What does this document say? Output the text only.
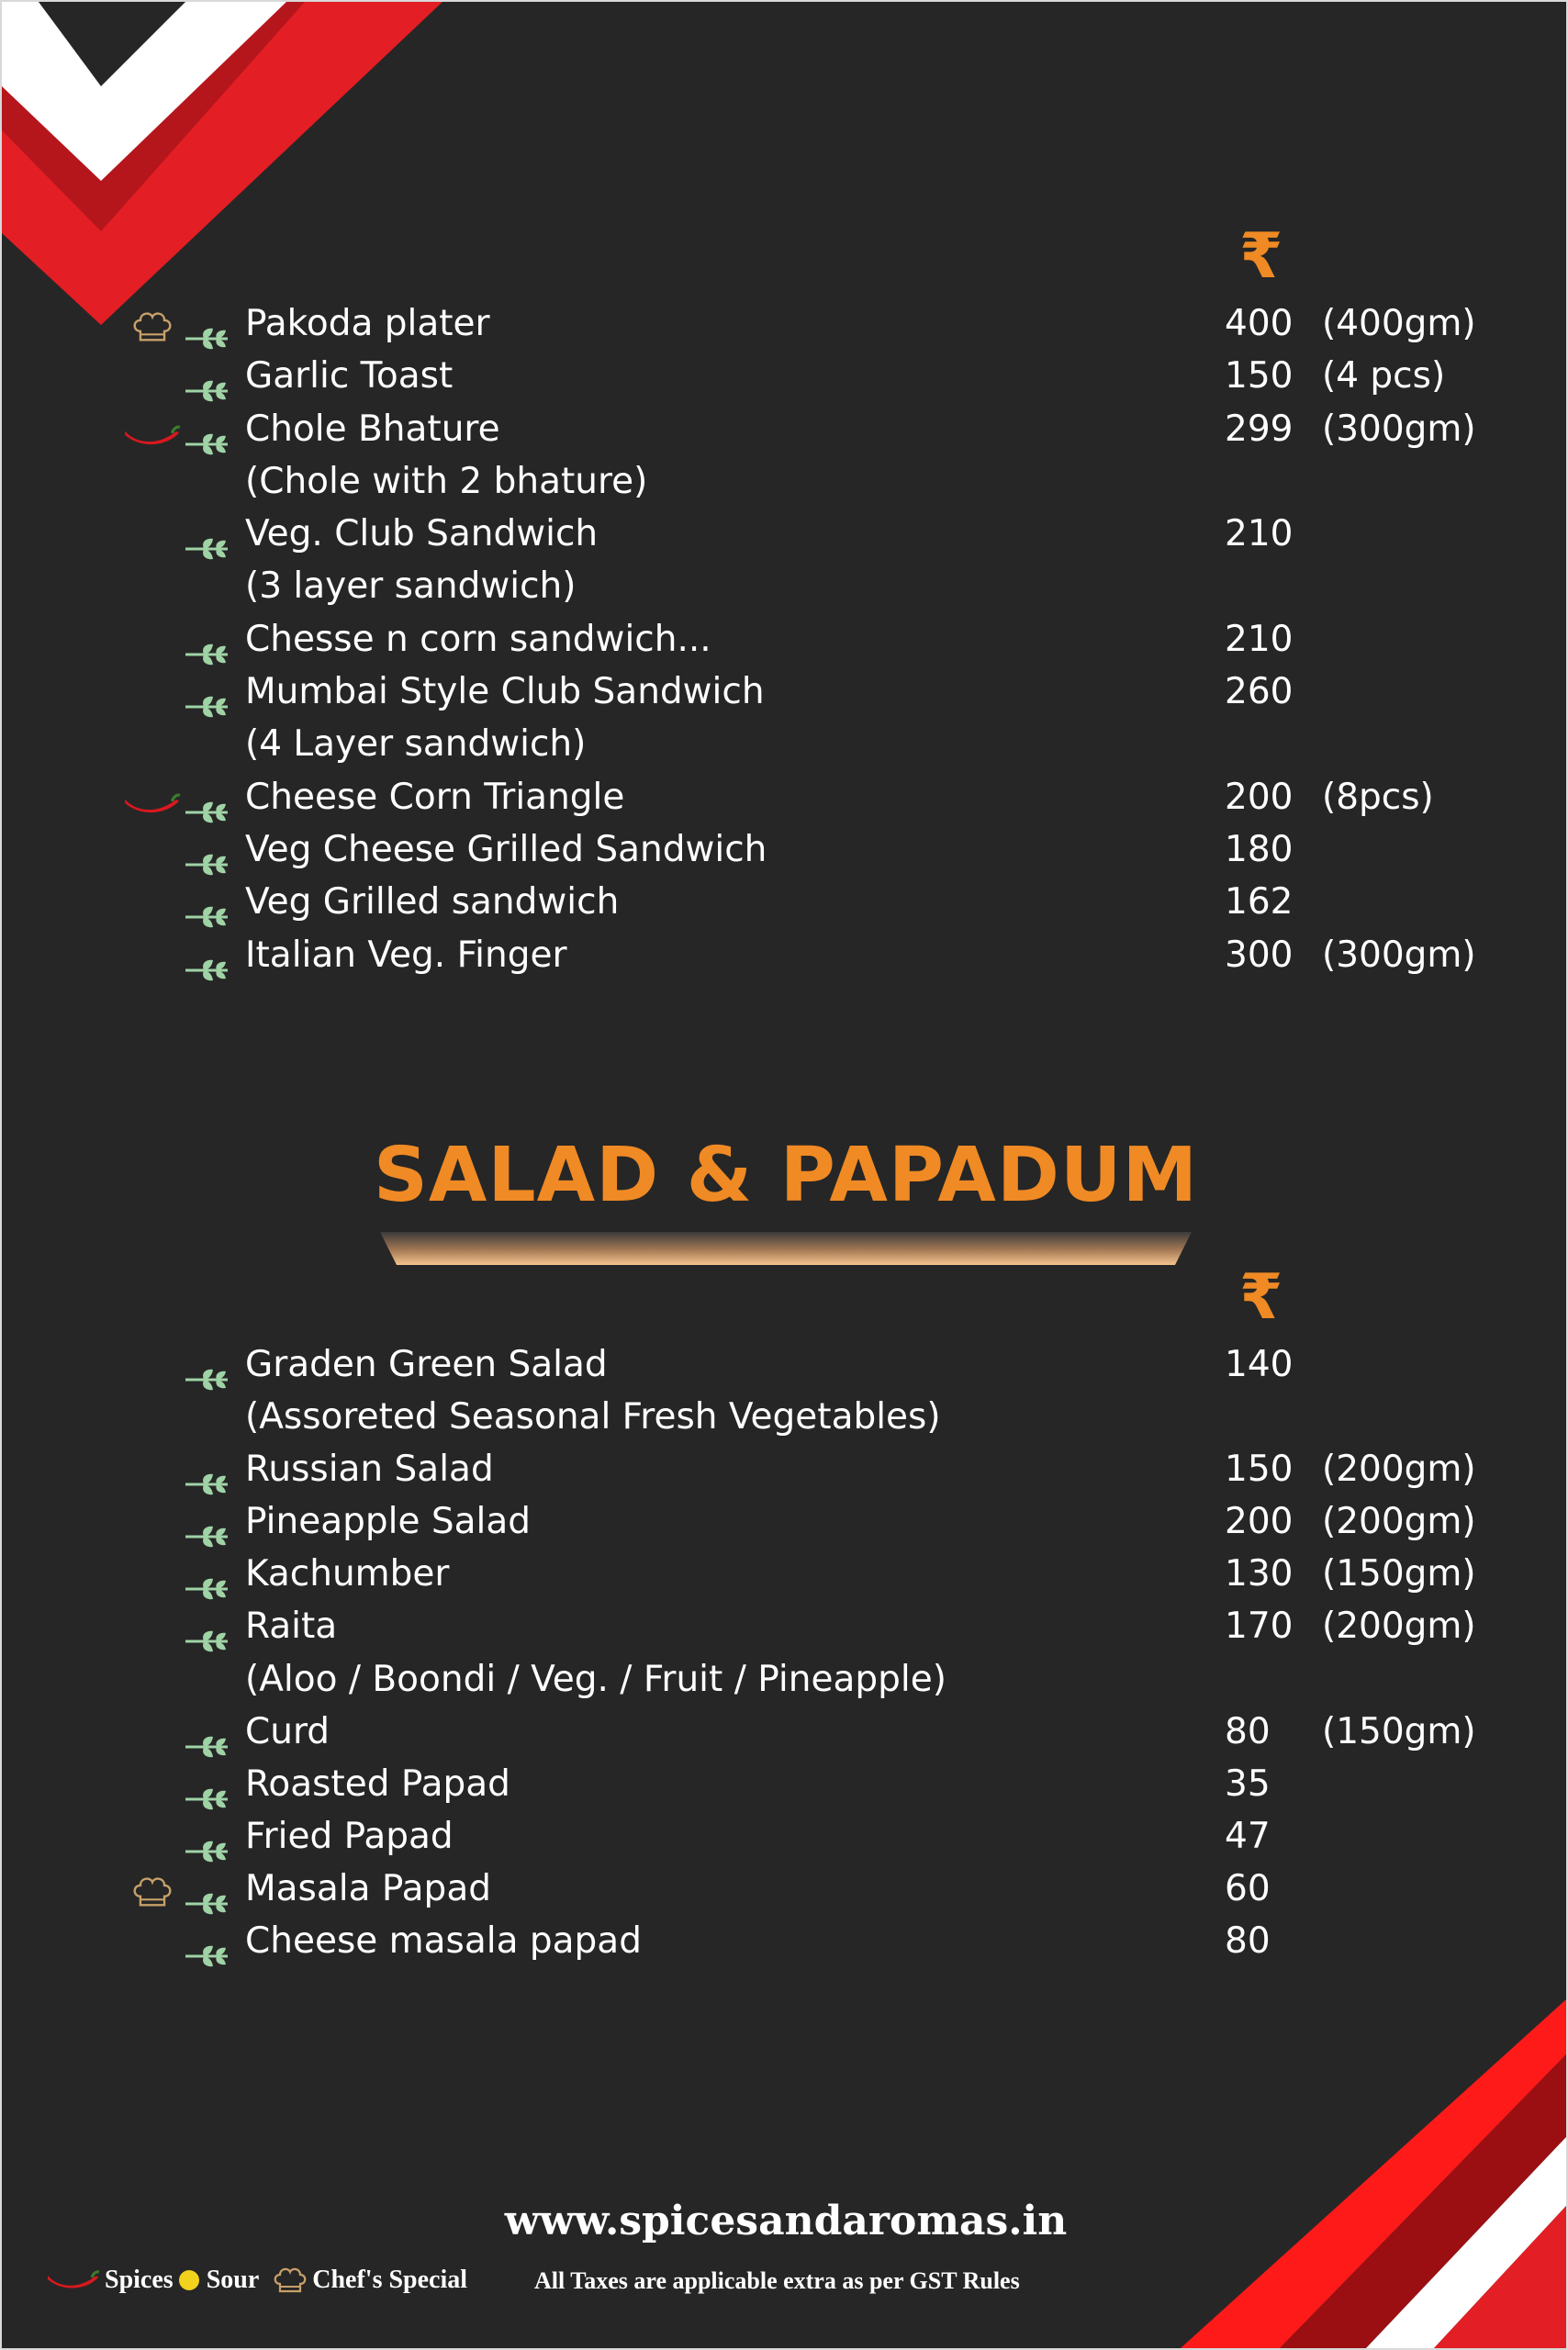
₹
Pakoda plater	400 (400gm)
Garlic Toast	150 (4 pcs)
Chole Bhature	299 (300gm)
(Chole with 2 bhature)
Veg. Club Sandwich	210
(3 layer sandwich)
Chesse n corn sandwich...	210
Mumbai Style Club Sandwich	260
(4 Layer sandwich)
Cheese Corn Triangle	200 (8pcs)
Veg Cheese Grilled Sandwich	180
Veg Grilled sandwich	162
Italian Veg. Finger	300 (300gm)
SALAD & PAPADUM
₹
Graden Green Salad	140
(Assoreted Seasonal Fresh Vegetables)
Russian Salad	150 (200gm)
Pineapple Salad	200 (200gm)
Kachumber	130 (150gm)
Raita	170 (200gm)
(Aloo / Boondi / Veg. / Fruit / Pineapple)
Curd	80 (150gm)
Roasted Papad	35
Fried Papad	47
Masala Papad	60
Cheese masala papad	80
www.spicesandaromas.in
Spices Sour Chef's Special	All Taxes are applicable extra as per GST Rules
